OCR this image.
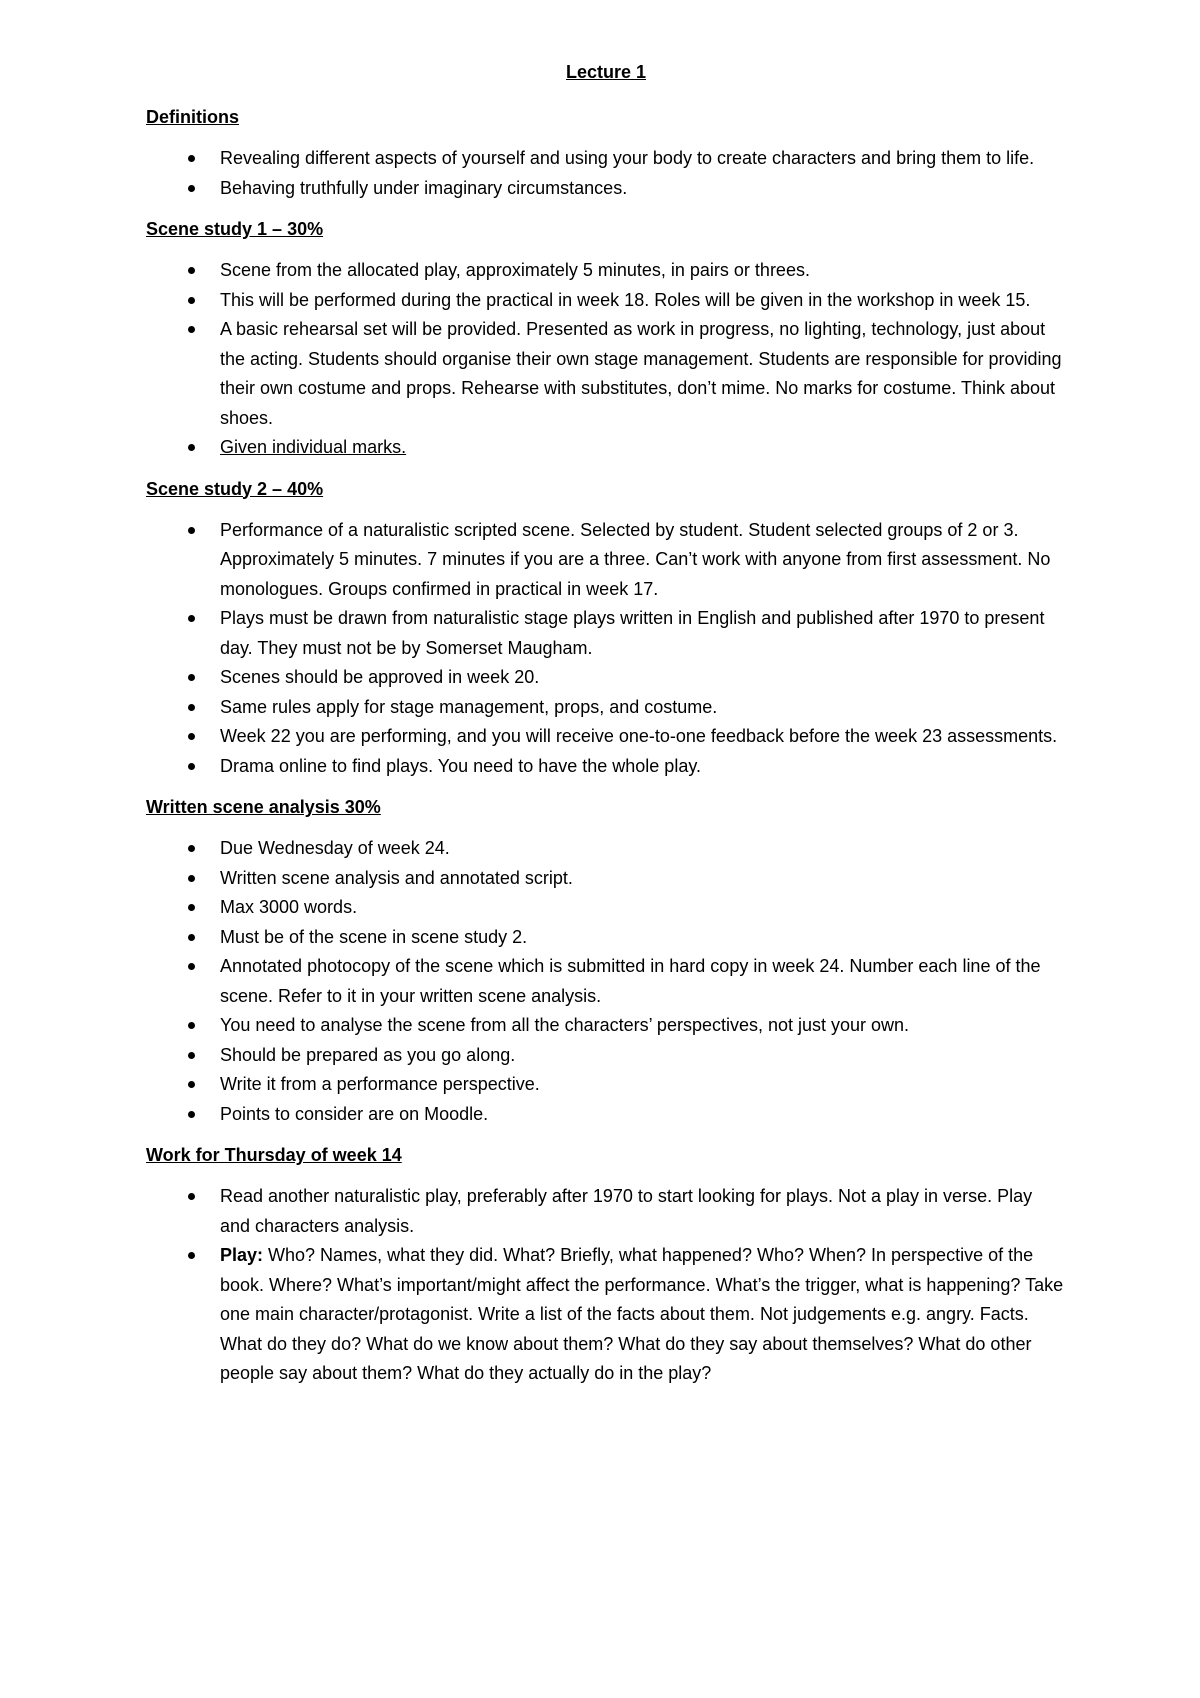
Lecture 1
Definitions
Revealing different aspects of yourself and using your body to create characters and bring them to life.
Behaving truthfully under imaginary circumstances.
Scene study 1 – 30%
Scene from the allocated play, approximately 5 minutes, in pairs or threes.
This will be performed during the practical in week 18. Roles will be given in the workshop in week 15.
A basic rehearsal set will be provided. Presented as work in progress, no lighting, technology, just about the acting. Students should organise their own stage management. Students are responsible for providing their own costume and props. Rehearse with substitutes, don’t mime. No marks for costume. Think about shoes.
Given individual marks.
Scene study 2 – 40%
Performance of a naturalistic scripted scene. Selected by student. Student selected groups of 2 or 3. Approximately 5 minutes. 7 minutes if you are a three. Can’t work with anyone from first assessment. No monologues. Groups confirmed in practical in week 17.
Plays must be drawn from naturalistic stage plays written in English and published after 1970 to present day. They must not be by Somerset Maugham.
Scenes should be approved in week 20.
Same rules apply for stage management, props, and costume.
Week 22 you are performing, and you will receive one-to-one feedback before the week 23 assessments.
Drama online to find plays. You need to have the whole play.
Written scene analysis 30%
Due Wednesday of week 24.
Written scene analysis and annotated script.
Max 3000 words.
Must be of the scene in scene study 2.
Annotated photocopy of the scene which is submitted in hard copy in week 24. Number each line of the scene. Refer to it in your written scene analysis.
You need to analyse the scene from all the characters’ perspectives, not just your own.
Should be prepared as you go along.
Write it from a performance perspective.
Points to consider are on Moodle.
Work for Thursday of week 14
Read another naturalistic play, preferably after 1970 to start looking for plays. Not a play in verse. Play and characters analysis.
Play: Who? Names, what they did. What? Briefly, what happened? Who? When? In perspective of the book. Where? What’s important/might affect the performance. What’s the trigger, what is happening? Take one main character/protagonist. Write a list of the facts about them. Not judgements e.g. angry. Facts. What do they do? What do we know about them? What do they say about themselves? What do other people say about them? What do they actually do in the play?
